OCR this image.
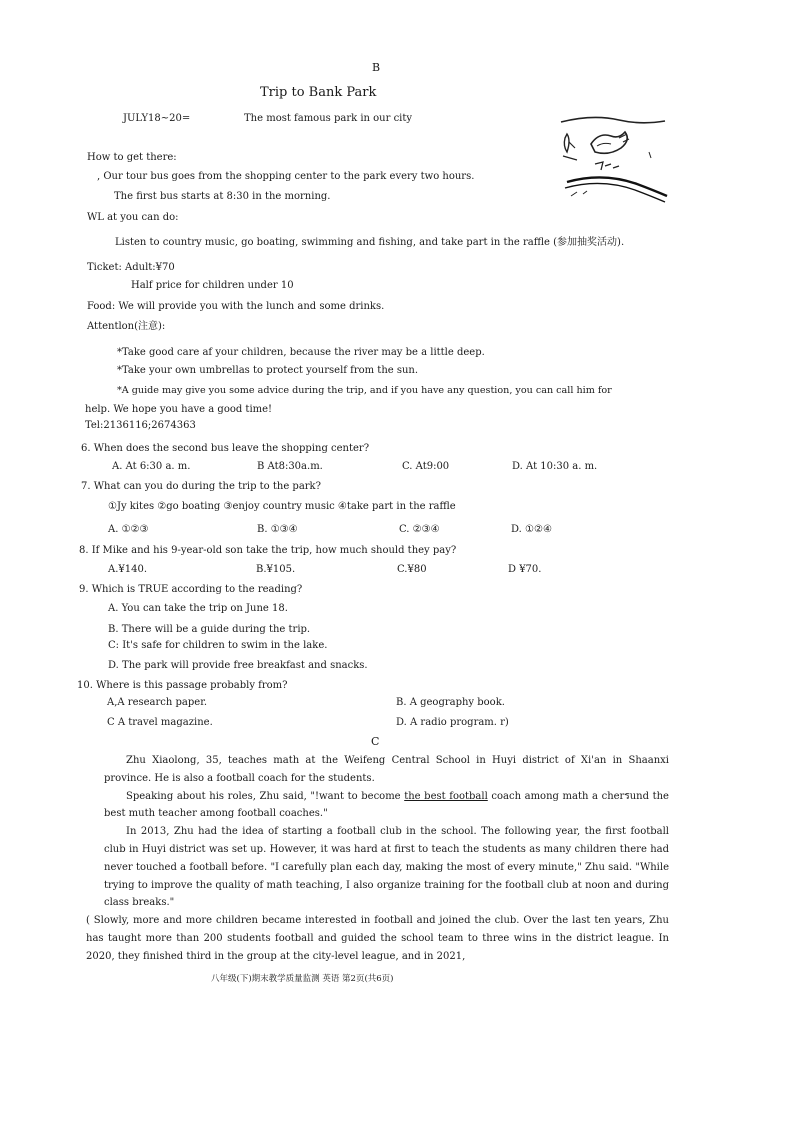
B
Trip to Bank Park
JULY18~20=	The most famous park in our city
How to get there:
, Our tour bus goes from the shopping center to the park every two hours.
The first bus starts at 8:30 in the morning.
WL at you can do:
Listen to country music, go boating, swimming and fishing, and take part in the raffle (参加抽奖活动).
Ticket: Adult:¥70
Half price for children under 10
Food: We will provide you with the lunch and some drinks.
Attentlon(注意):
*Take good care af your children, because the river may be a little deep.
*Take your own umbrellas to protect yourself from the sun.
*A guide may give you some advice during the trip, and if you have any question, you can call him for
help. We hope you have a good time!
Tel:2136116;2674363
6. When does the second bus leave the shopping center?
A. At 6:30 a. m.	B At8:30a.m.	C. At9:00	D. At 10:30 a. m.
7. What can you do during the trip to the park?
①Jy kites ②go boating ③enjoy country music ④take part in the raffle
A. ①②③	B. ①③④	C. ②③④	D. ①②④
8. If Mike and his 9-year-old son take the trip, how much should they pay?
A.¥140.	B.¥105.	C.¥80	D ¥70.
9. Which is TRUE according to the reading?
A. You can take the trip on June 18.
B. There will be a guide during the trip.
C: It's safe for children to swim in the lake.
D. The park will provide free breakfast and snacks.
10. Where is this passage probably from?
A,A research paper.	B. A geography book.
C A travel magazine.	D. A radio program. r)
C

Zhu Xiaolong, 35, teaches math at the Weifeng Central School in Huyi district of Xi'an in Shaanxi province. He is also a football coach for the students.

Speaking about his roles, Zhu said, "!want to become the best football coach among math a cherรund the best muth teacher among football coaches."

In 2013, Zhu had the idea of starting a football club in the school. The following year, the first football club in Huyi district was set up. However, it was hard at first to teach the students as many children there had never touched a football before. "I carefully plan each day, making the most of every minute," Zhu said. "While trying to improve the quality of math teaching, I also organize training for the football club at noon and during class breaks."

( Slowly, more and more children became interested in football and joined the club. Over the last ten years, Zhu has taught more than 200 students football and guided the school team to three wins in the district league. In 2020, they finished third in the group at the city-level league, and in 2021,

八年级(下)期末教学质量监测 英语 第2页(共6页)
